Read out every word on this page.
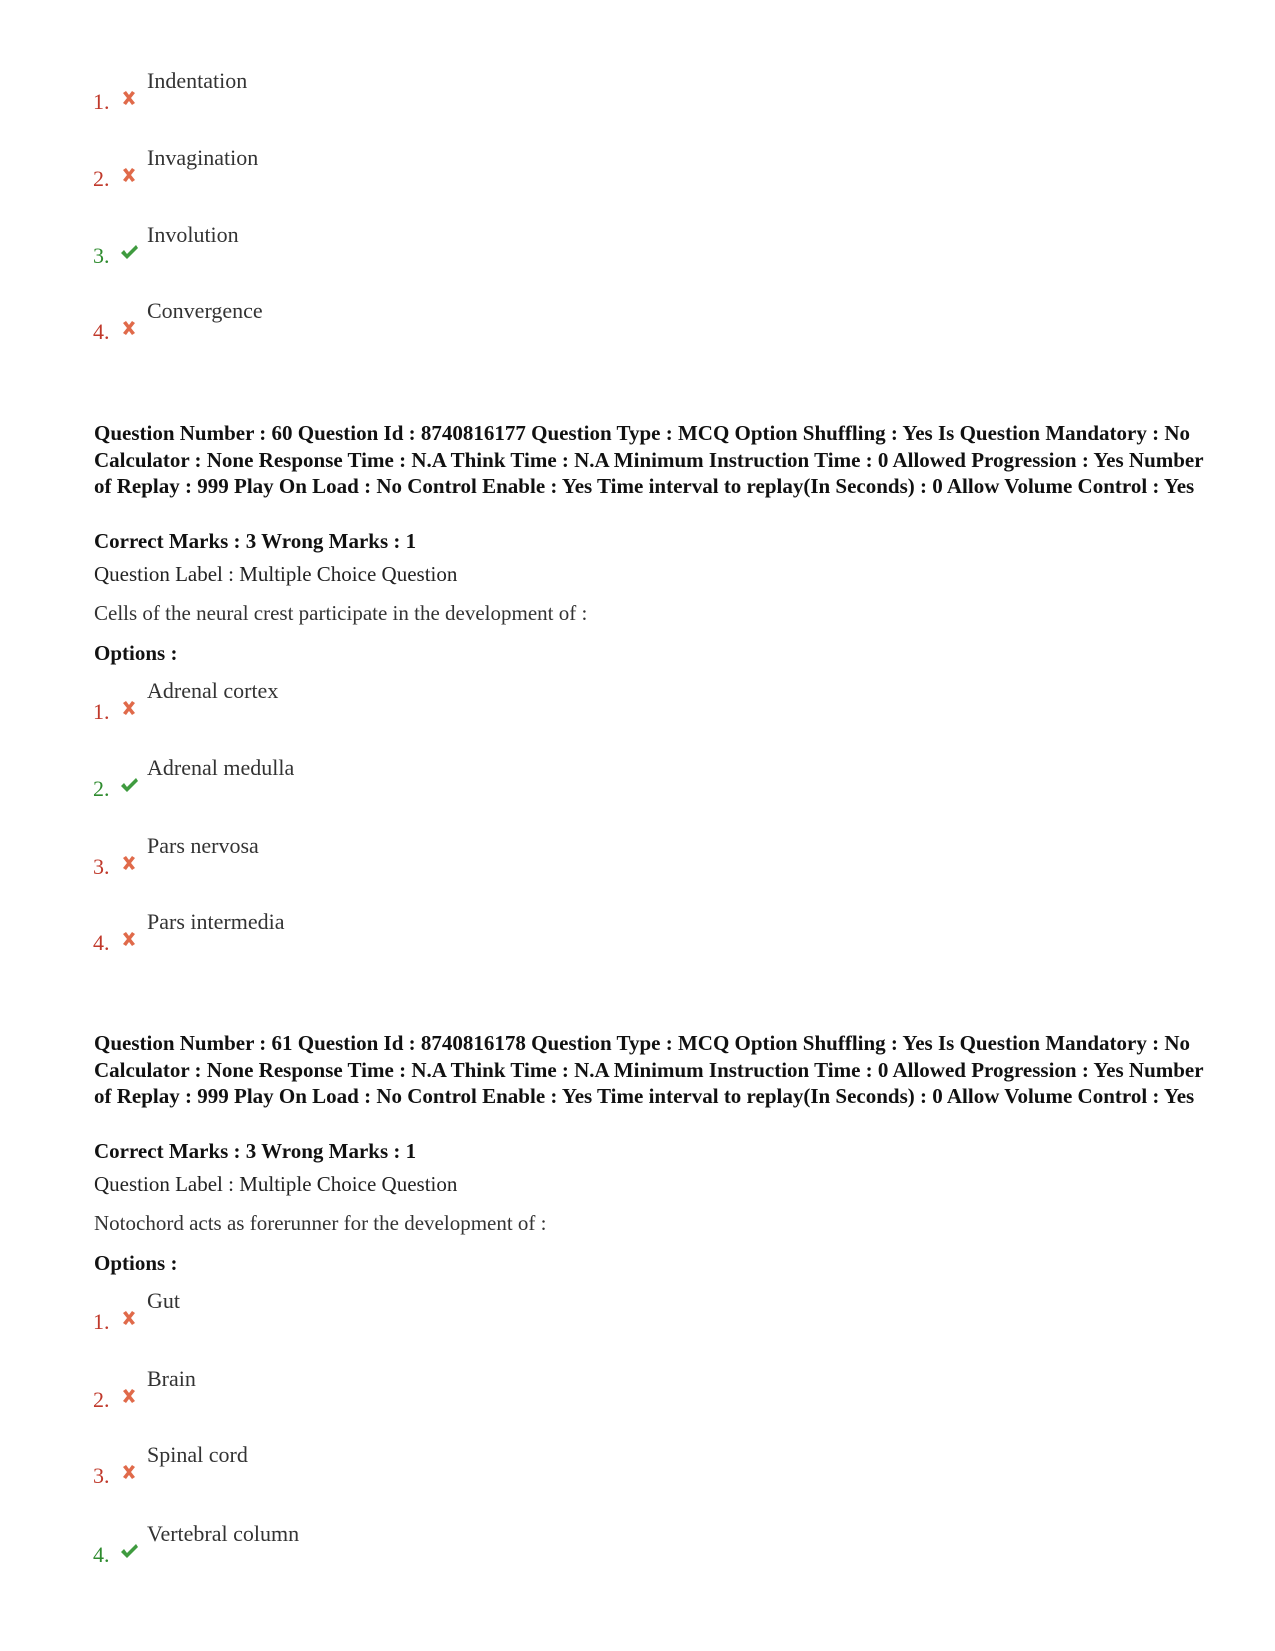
1.
Indentation
2.
Invagination
3.
Involution
4.
Convergence
Question Number : 60 Question Id : 8740816177 Question Type : MCQ Option Shuffling : Yes Is Question Mandatory : No Calculator : None Response Time : N.A Think Time : N.A Minimum Instruction Time : 0 Allowed Progression : Yes Number of Replay : 999 Play On Load : No Control Enable : Yes Time interval to replay(In Seconds) : 0 Allow Volume Control : Yes
Correct Marks : 3 Wrong Marks : 1
Question Label : Multiple Choice Question
Cells of the neural crest participate in the development of :
Options :
1.
Adrenal cortex
2.
Adrenal medulla
3.
Pars nervosa
4.
Pars intermedia
Question Number : 61 Question Id : 8740816178 Question Type : MCQ Option Shuffling : Yes Is Question Mandatory : No Calculator : None Response Time : N.A Think Time : N.A Minimum Instruction Time : 0 Allowed Progression : Yes Number of Replay : 999 Play On Load : No Control Enable : Yes Time interval to replay(In Seconds) : 0 Allow Volume Control : Yes
Correct Marks : 3 Wrong Marks : 1
Question Label : Multiple Choice Question
Notochord acts as forerunner for the development of :
Options :
1.
Gut
2.
Brain
3.
Spinal cord
4.
Vertebral column
